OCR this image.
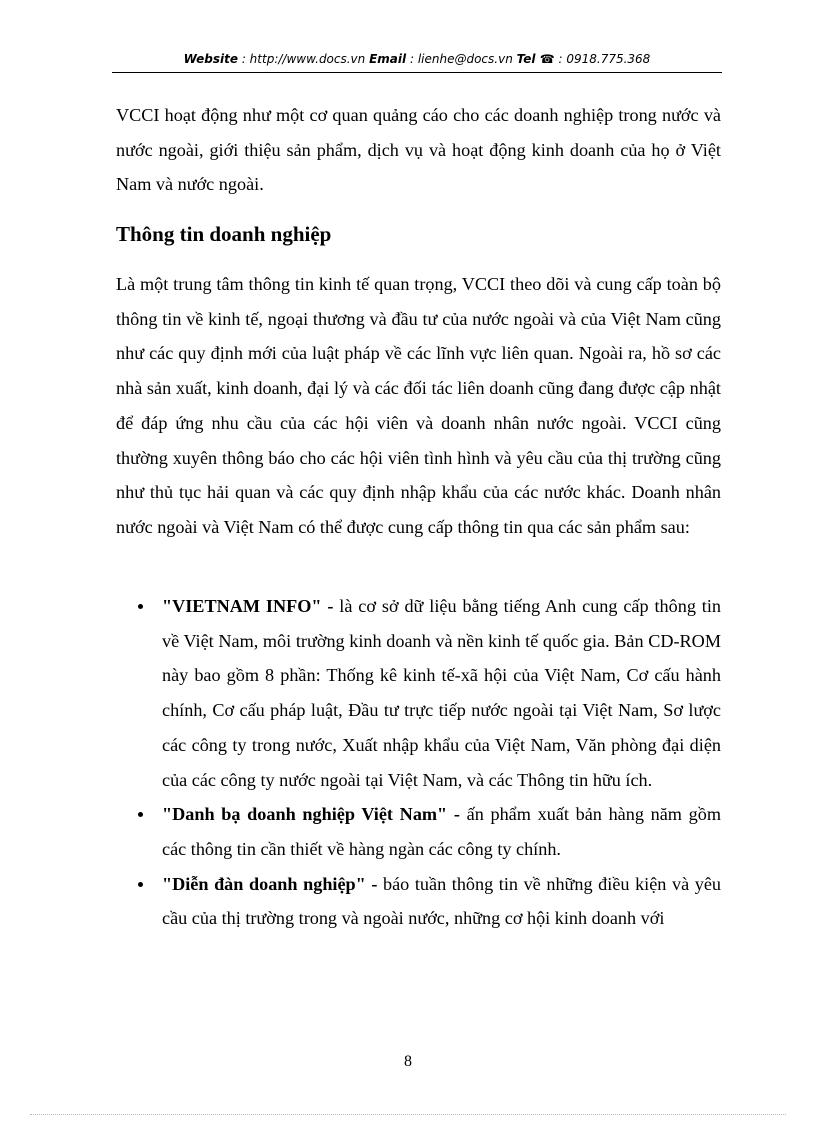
Website : http://www.docs.vn Email : lienhe@docs.vn Tel ☎ : 0918.775.368

VCCI hoạt động như một cơ quan quảng cáo cho các doanh nghiệp trong nước và nước ngoài, giới thiệu sản phẩm, dịch vụ và hoạt động kinh doanh của họ ở Việt Nam và nước ngoài.

Thông tin doanh nghiệp

Là một trung tâm thông tin kinh tế quan trọng, VCCI theo dõi và cung cấp toàn bộ thông tin về kinh tế, ngoại thương và đầu tư của nước ngoài và của Việt Nam cũng như các quy định mới của luật pháp về các lĩnh vực liên quan. Ngoài ra, hồ sơ các nhà sản xuất, kinh doanh, đại lý và các đối tác liên doanh cũng đang được cập nhật để đáp ứng nhu cầu của các hội viên và doanh nhân nước ngoài. VCCI cũng thường xuyên thông báo cho các hội viên tình hình và yêu cầu của thị trường cũng như thủ tục hải quan và các quy định nhập khẩu của các nước khác. Doanh nhân nước ngoài và Việt Nam có thể được cung cấp thông tin qua các sản phẩm sau:

"VIETNAM INFO" - là cơ sở dữ liệu bằng tiếng Anh cung cấp thông tin về Việt Nam, môi trường kinh doanh và nền kinh tế quốc gia. Bản CD-ROM này bao gồm 8 phần: Thống kê kinh tế-xã hội của Việt Nam, Cơ cấu hành chính, Cơ cấu pháp luật, Đầu tư trực tiếp nước ngoài tại Việt Nam, Sơ lược các công ty trong nước, Xuất nhập khẩu của Việt Nam, Văn phòng đại diện của các công ty nước ngoài tại Việt Nam, và các Thông tin hữu ích.
"Danh bạ doanh nghiệp Việt Nam" - ấn phẩm xuất bản hàng năm gồm các thông tin cần thiết về hàng ngàn các công ty chính.
"Diễn đàn doanh nghiệp" - báo tuần thông tin về những điều kiện và yêu cầu của thị trường trong và ngoài nước, những cơ hội kinh doanh với
8
